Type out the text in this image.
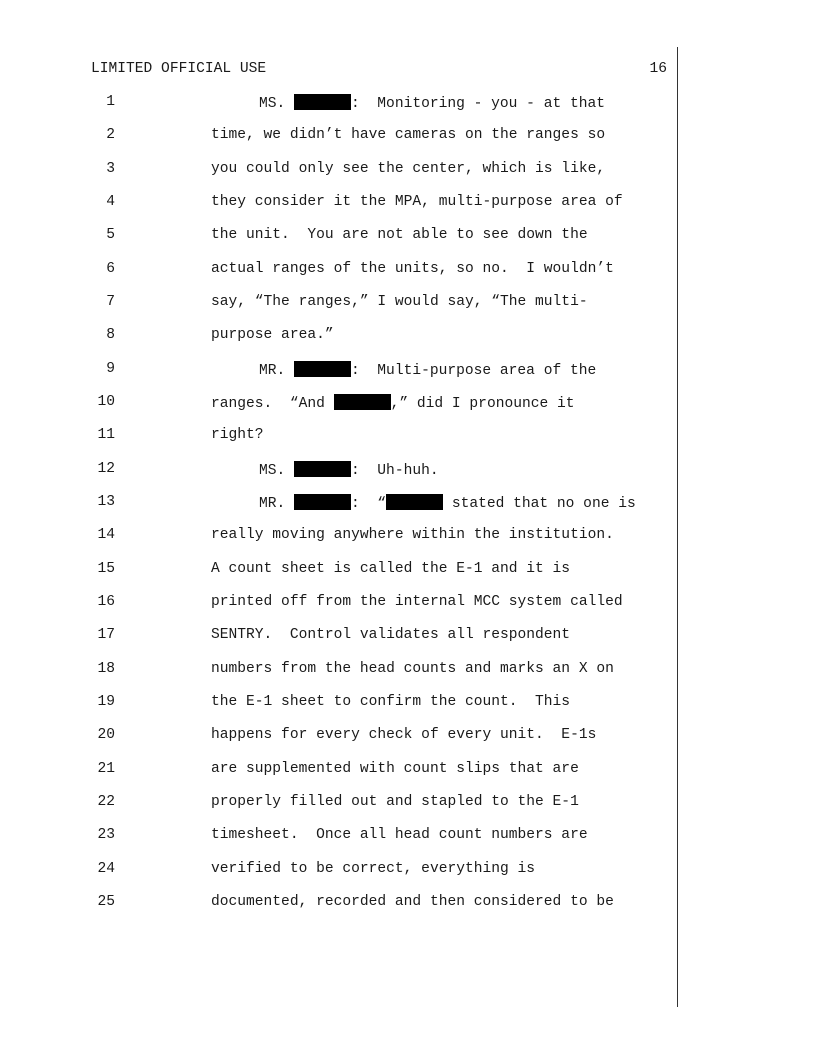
LIMITED OFFICIAL USE	16
1	MS.	:  Monitoring - you - at that
2	time, we didn’t have cameras on the ranges so
3	you could only see the center, which is like,
4	they consider it the MPA, multi-purpose area of
5	the unit.  You are not able to see down the
6	actual ranges of the units, so no.  I wouldn’t
7	say, “The ranges,” I would say, “The multi-
8	purpose area.”
9	MR.	:  Multi-purpose area of the
10	ranges.  “And	,” did I pronounce it
11	right?
12	MS.	:  Uh-huh.
13	MR.	:  “	stated that no one is
14	really moving anywhere within the institution.
15	A count sheet is called the E-1 and it is
16	printed off from the internal MCC system called
17	SENTRY.  Control validates all respondent
18	numbers from the head counts and marks an X on
19	the E-1 sheet to confirm the count.  This
20	happens for every check of every unit.  E-1s
21	are supplemented with count slips that are
22	properly filled out and stapled to the E-1
23	timesheet.  Once all head count numbers are
24	verified to be correct, everything is
25	documented, recorded and then considered to be
